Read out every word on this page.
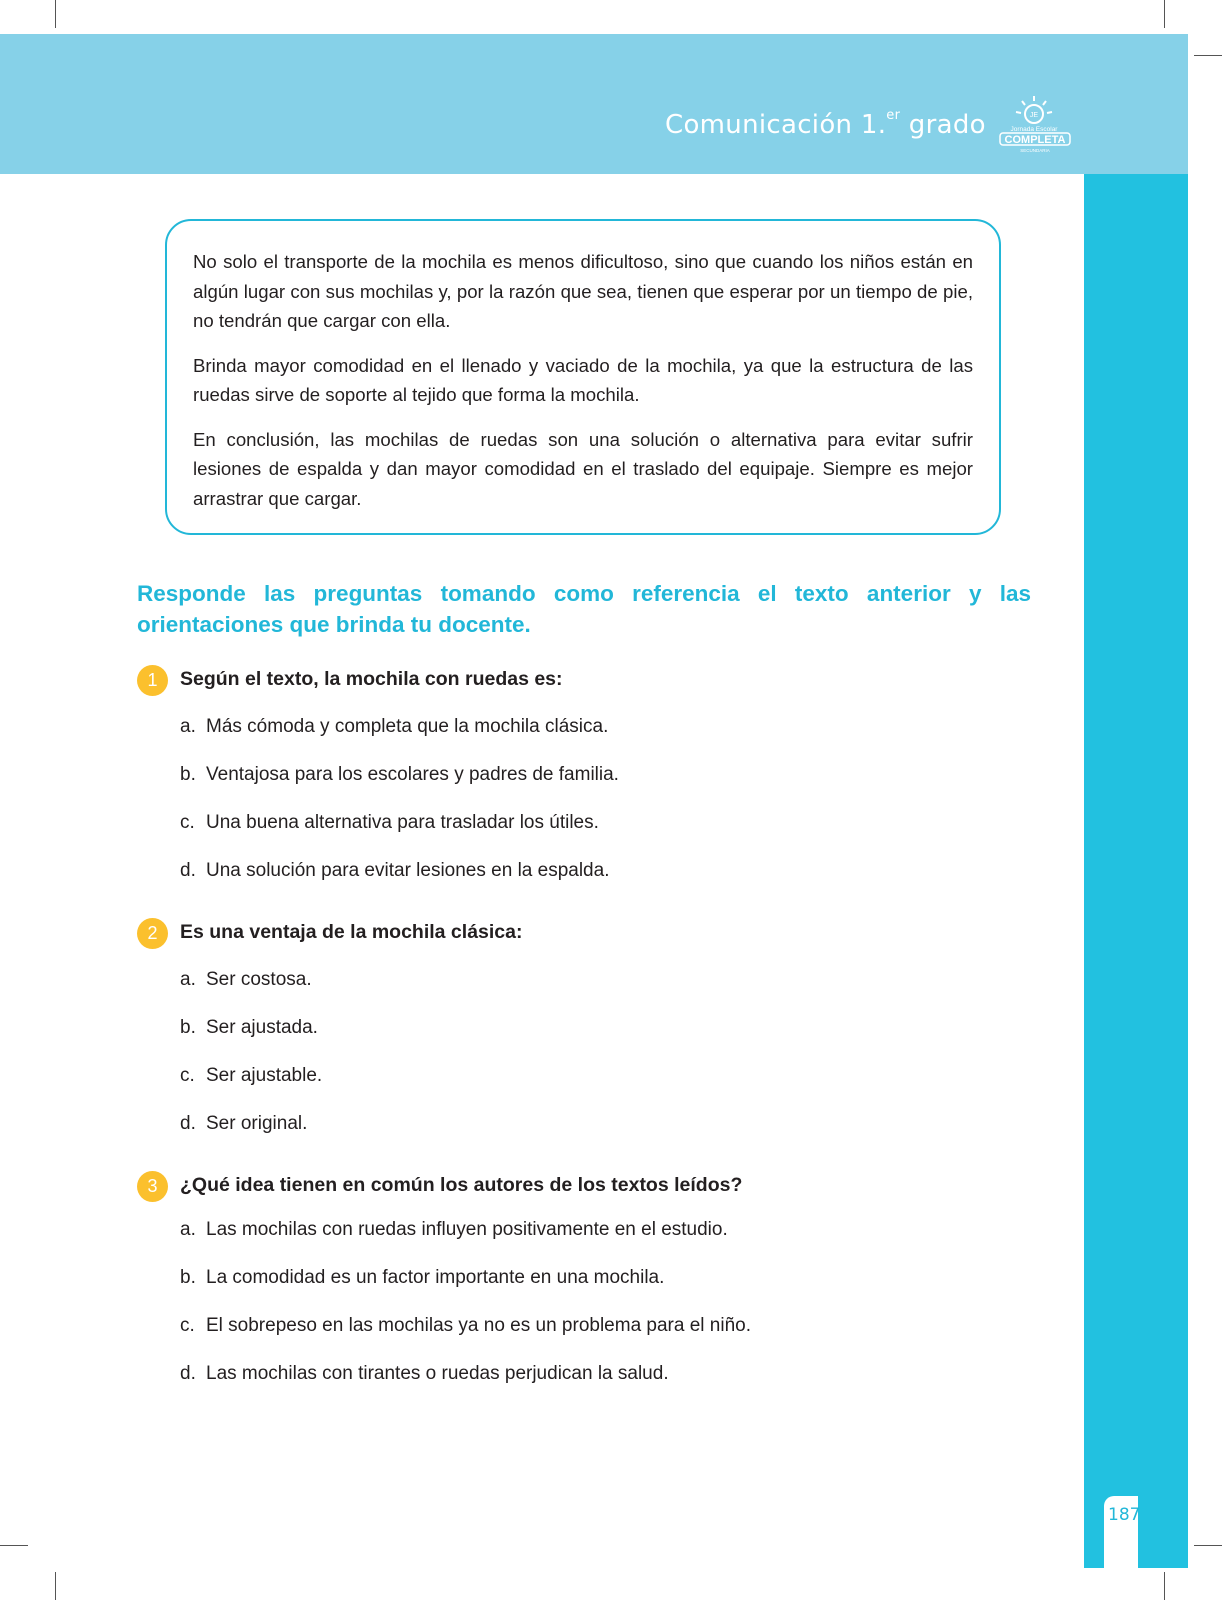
Comunicación 1.$^{er}$ grado	JE
Jornada Escolar
COMPLETA
SECUNDARIA
187

No solo el transporte de la mochila es menos dificultoso, sino que cuando los niños están en algún lugar con sus mochilas y, por la razón que sea, tienen que esperar por un tiempo de pie, no tendrán que cargar con ella.

Brinda mayor comodidad en el llenado y vaciado de la mochila, ya que la estructura de las ruedas sirve de soporte al tejido que forma la mochila.

En conclusión, las mochilas de ruedas son una solución o alternativa para evitar sufrir lesiones de espalda y dan mayor comodidad en el traslado del equipaje. Siempre es mejor arrastrar que cargar.

Responde las preguntas tomando como referencia el texto anterior y las orientaciones que brinda tu docente.
1	Según el texto, la mochila con ruedas es:
a. Más cómoda y completa que la mochila clásica.
b. Ventajosa para los escolares y padres de familia.
c. Una buena alternativa para trasladar los útiles.
d. Una solución para evitar lesiones en la espalda.
2	Es una ventaja de la mochila clásica:
a. Ser costosa.
b. Ser ajustada.
c. Ser ajustable.
d. Ser original.
3	¿Qué idea tienen en común los autores de los textos leídos?
a. Las mochilas con ruedas influyen positivamente en el estudio.
b. La comodidad es un factor importante en una mochila.
c. El sobrepeso en las mochilas ya no es un problema para el niño.
d. Las mochilas con tirantes o ruedas perjudican la salud.
